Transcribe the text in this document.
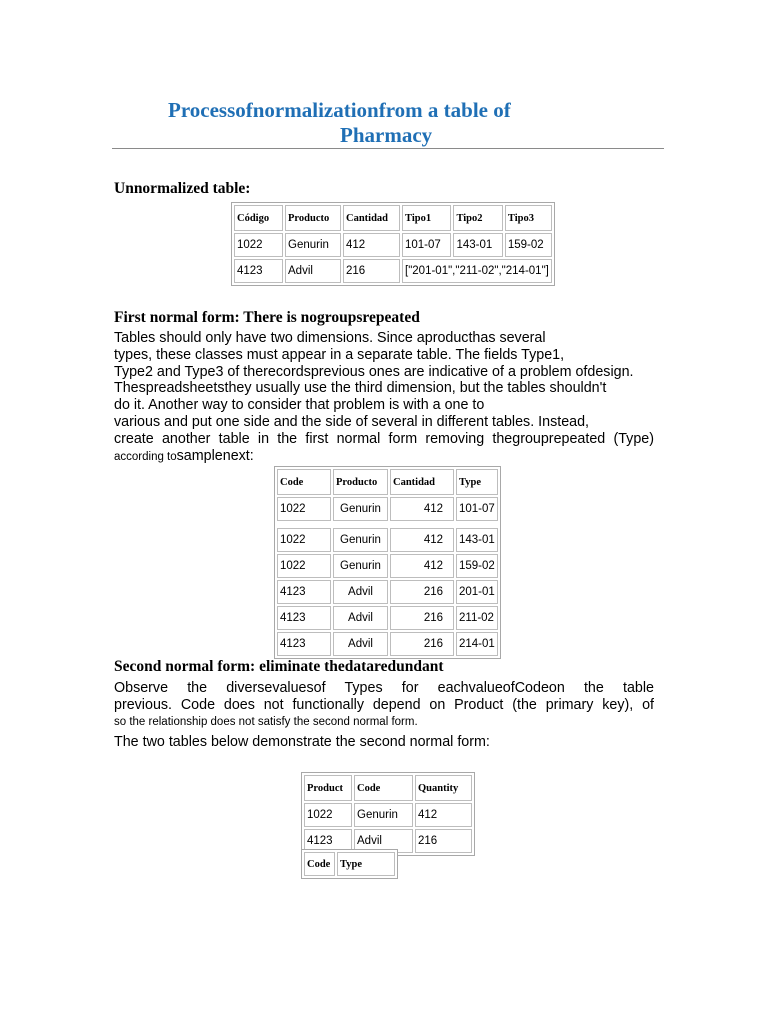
Processofnormalizationfrom a table of
Pharmacy
Unnormalized table:
Código	Producto	Cantidad	Tipo1	Tipo2	Tipo3
1022	Genurin	412	101-07	143-01	159-02
4123	Advil	216	["201-01","211-02","214-01"]		
First normal form: There is nogroupsrepeated
Tables should only have two dimensions. Since aproducthas several
types, these classes must appear in a separate table. The fields Type1,
Type2 and Type3 of therecordsprevious ones are indicative of a problem ofdesign.
Thespreadsheetsthey usually use the third dimension, but the tables shouldn't
do it. Another way to consider that problem is with a one to
various and put one side and the side of several in different tables. Instead,
create another table in the first normal form removing thegrouprepeated (Type)
according tosamplenext:
Code	Producto	Cantidad	Type
1022	Genurin	412	101-07

1022	Genurin	412	143-01
1022	Genurin	412	159-02
4123	Advil	216	201-01
4123	Advil	216	211-02
4123	Advil	216	214-01
Second normal form: eliminate thedataredundant
Observe the diversevaluesof Types for eachvalueofCodeon the table
previous. Code does not functionally depend on Product (the primary key), of
so the relationship does not satisfy the second normal form.
The two tables below demonstrate the second normal form:
Product	Code	Quantity
1022	Genurin	412
4123	Advil	216
Code	Type
